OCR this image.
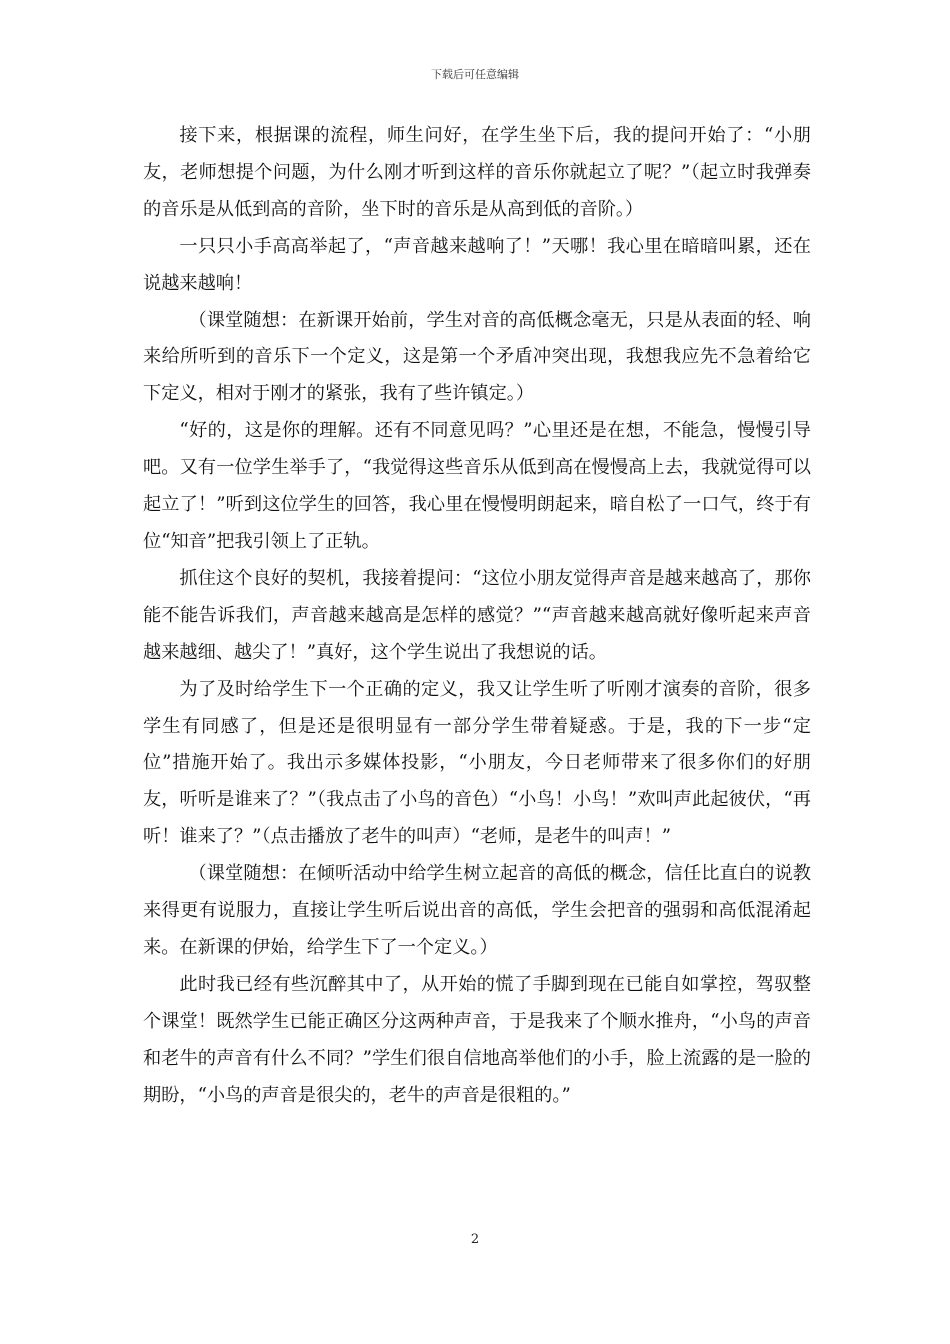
下载后可任意编辑

接下来，根据课的流程，师生问好，在学生坐下后，我的提问开始了：“小朋友，老师想提个问题，为什么刚才听到这样的音乐你就起立了呢？”（起立时我弹奏的音乐是从低到高的音阶，坐下时的音乐是从高到低的音阶。）

一只只小手高高举起了，“声音越来越响了！”天哪！我心里在暗暗叫累，还在说越来越响！

（课堂随想：在新课开始前，学生对音的高低概念毫无，只是从表面的轻、响来给所听到的音乐下一个定义，这是第一个矛盾冲突出现，我想我应先不急着给它下定义，相对于刚才的紧张，我有了些许镇定。）

“好的，这是你的理解。还有不同意见吗？”心里还是在想，不能急，慢慢引导吧。又有一位学生举手了，“我觉得这些音乐从低到高在慢慢高上去，我就觉得可以起立了！”听到这位学生的回答，我心里在慢慢明朗起来，暗自松了一口气，终于有位“知音”把我引领上了正轨。

抓住这个良好的契机，我接着提问：“这位小朋友觉得声音是越来越高了，那你能不能告诉我们，声音越来越高是怎样的感觉？”“声音越来越高就好像听起来声音越来越细、越尖了！”真好，这个学生说出了我想说的话。

为了及时给学生下一个正确的定义，我又让学生听了听刚才演奏的音阶，很多学生有同感了，但是还是很明显有一部分学生带着疑惑。于是，我的下一步“定位”措施开始了。我出示多媒体投影，“小朋友，今日老师带来了很多你们的好朋友，听听是谁来了？”（我点击了小鸟的音色）“小鸟！小鸟！”欢叫声此起彼伏，“再听！谁来了？”（点击播放了老牛的叫声）“老师，是老牛的叫声！”

（课堂随想：在倾听活动中给学生树立起音的高低的概念，信任比直白的说教来得更有说服力，直接让学生听后说出音的高低，学生会把音的强弱和高低混淆起来。在新课的伊始，给学生下了一个定义。）

此时我已经有些沉醉其中了，从开始的慌了手脚到现在已能自如掌控，驾驭整个课堂！既然学生已能正确区分这两种声音，于是我来了个顺水推舟，“小鸟的声音和老牛的声音有什么不同？”学生们很自信地高举他们的小手，脸上流露的是一脸的期盼，“小鸟的声音是很尖的，老牛的声音是很粗的。”

2
